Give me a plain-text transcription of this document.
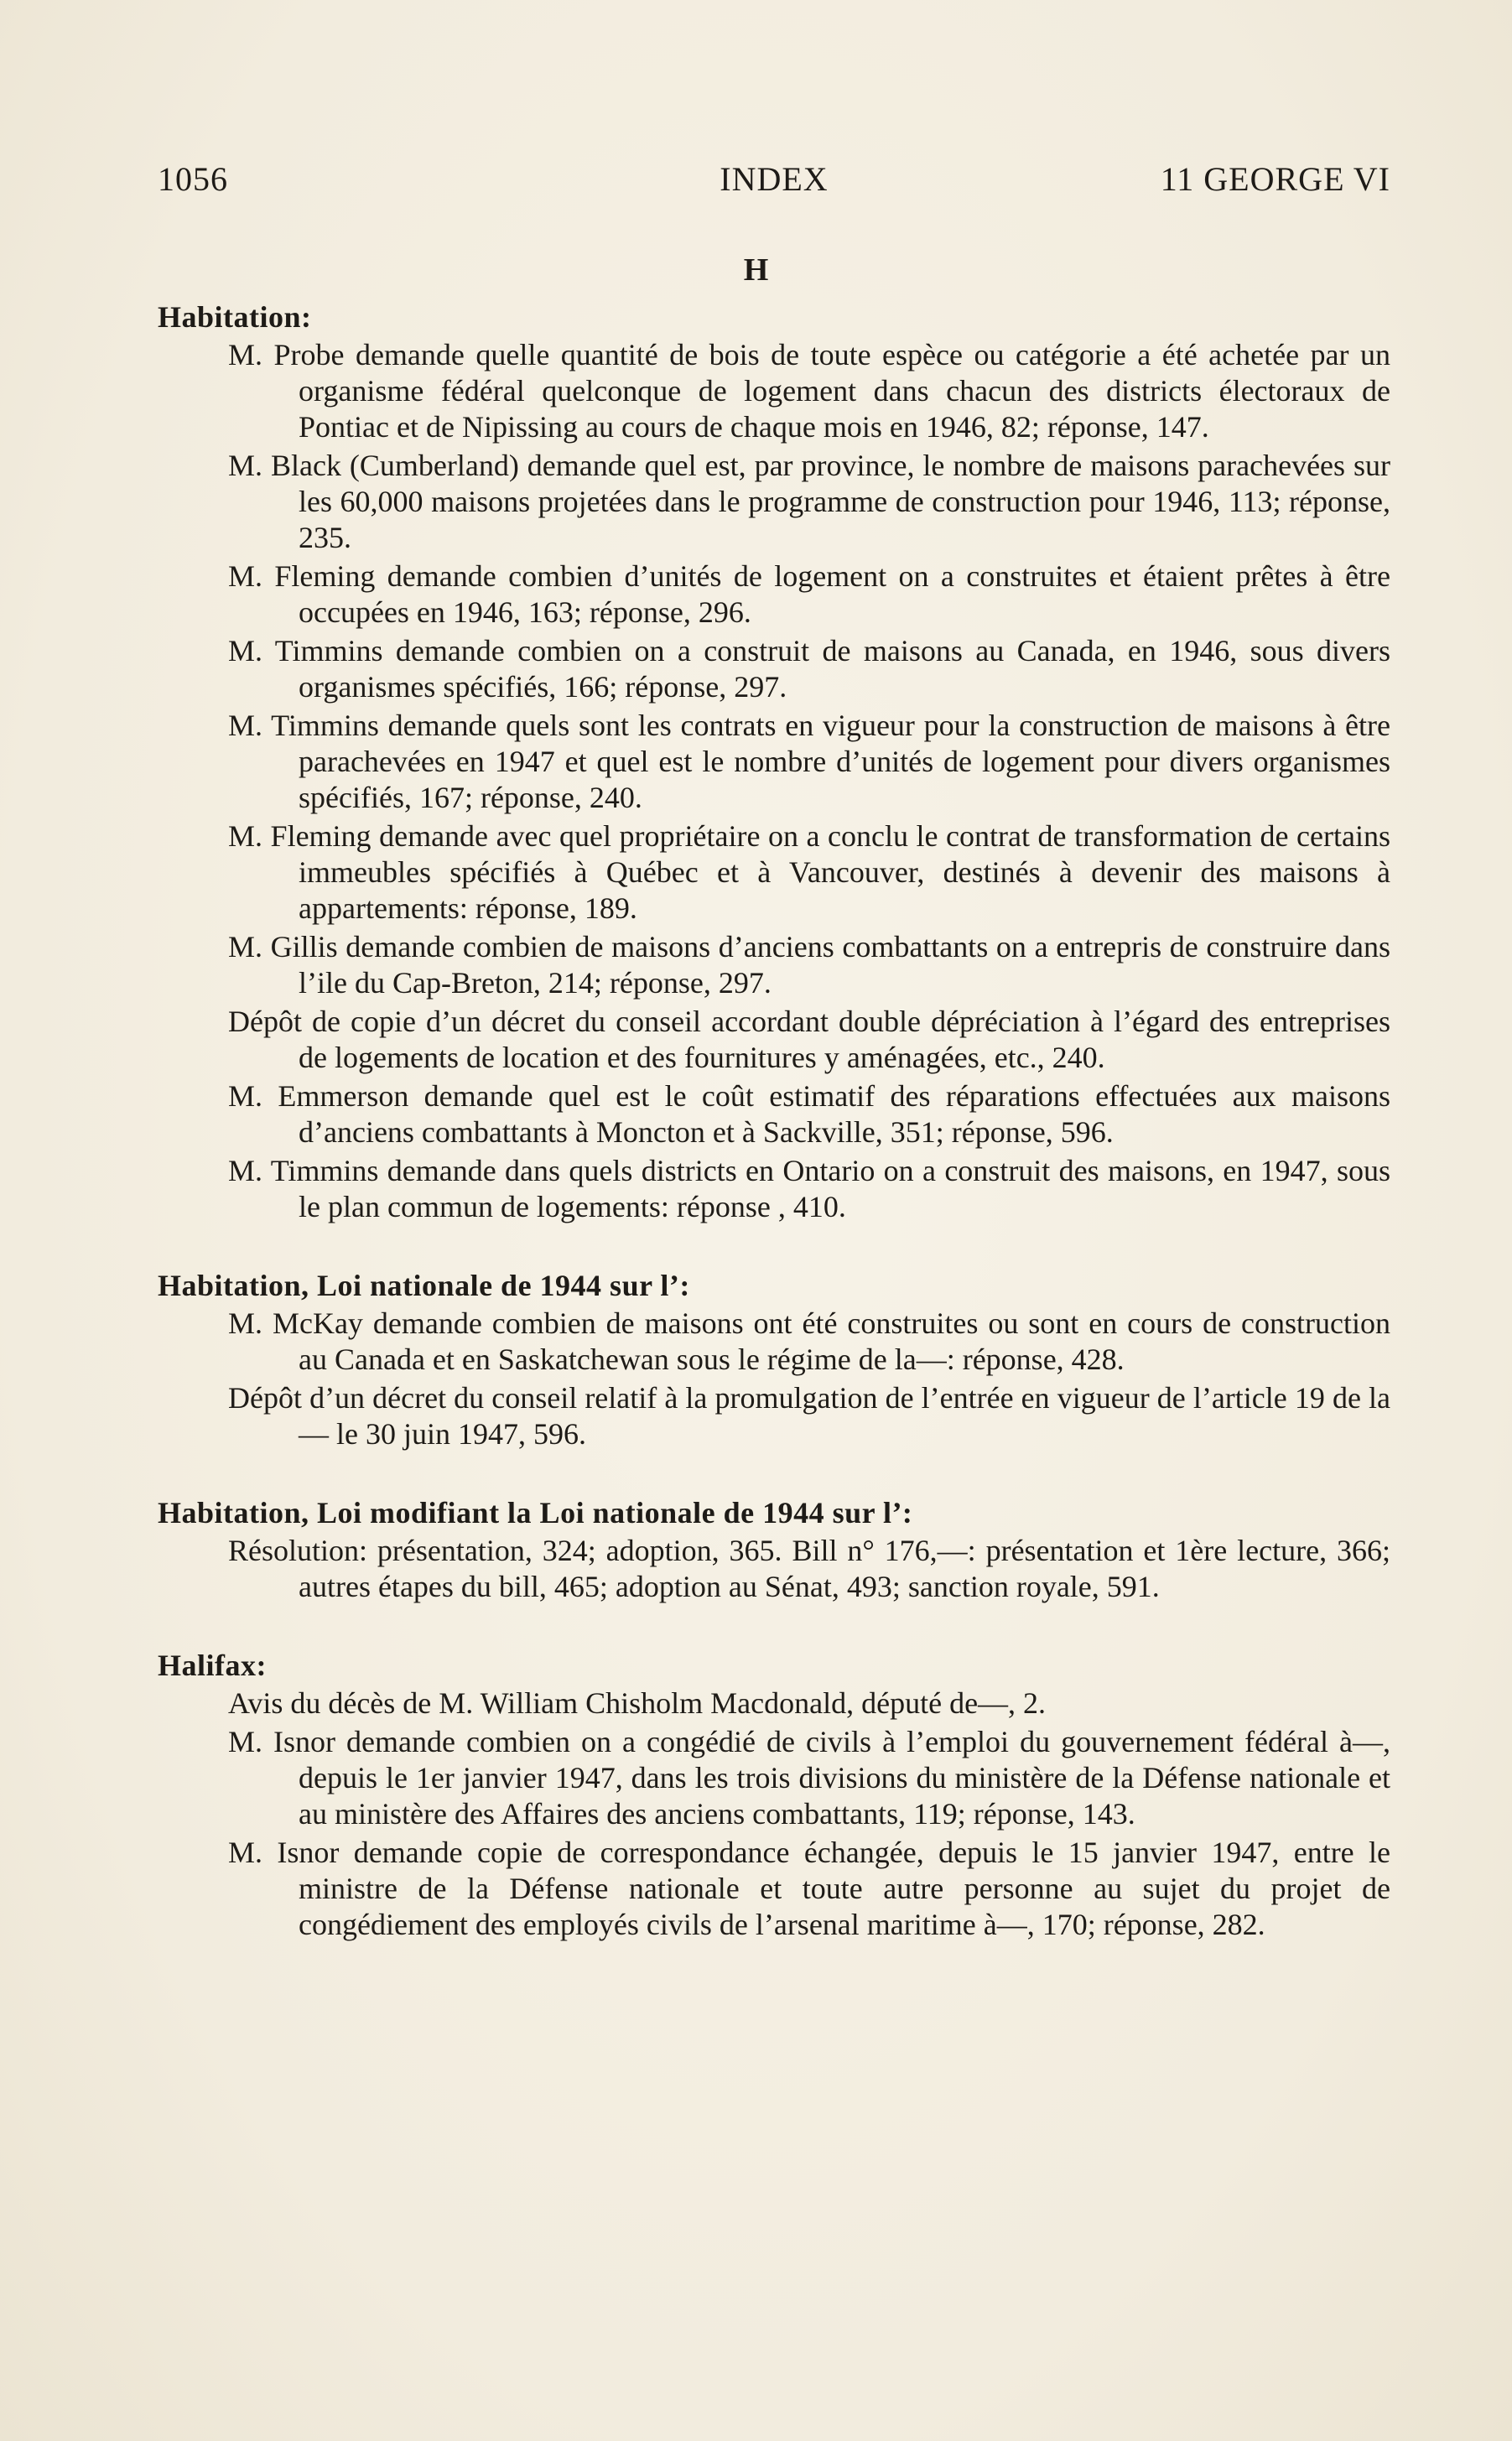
1056	INDEX	11 GEORGE VI
H
Habitation:
M. Probe demande quelle quantité de bois de toute espèce ou catégorie a été achetée par un organisme fédéral quelconque de logement dans chacun des districts électoraux de Pontiac et de Nipissing au cours de chaque mois en 1946, 82; réponse, 147.
M. Black (Cumberland) demande quel est, par province, le nombre de maisons parachevées sur les 60,000 maisons projetées dans le programme de construction pour 1946, 113; réponse, 235.
M. Fleming demande combien d’unités de logement on a construites et étaient prêtes à être occupées en 1946, 163; réponse, 296.
M. Timmins demande combien on a construit de maisons au Canada, en 1946, sous divers organismes spécifiés, 166; réponse, 297.
M. Timmins demande quels sont les contrats en vigueur pour la construction de maisons à être parachevées en 1947 et quel est le nombre d’unités de logement pour divers organismes spécifiés, 167; réponse, 240.
M. Fleming demande avec quel propriétaire on a conclu le contrat de transformation de certains immeubles spécifiés à Québec et à Vancouver, destinés à devenir des maisons à appartements: réponse, 189.
M. Gillis demande combien de maisons d’anciens combattants on a entrepris de construire dans l’ile du Cap-Breton, 214; réponse, 297.
Dépôt de copie d’un décret du conseil accordant double dépréciation à l’égard des entreprises de logements de location et des fournitures y aménagées, etc., 240.
M. Emmerson demande quel est le coût estimatif des réparations effectuées aux maisons d’anciens combattants à Moncton et à Sackville, 351; réponse, 596.
M. Timmins demande dans quels districts en Ontario on a construit des maisons, en 1947, sous le plan commun de logements: réponse , 410.
Habitation, Loi nationale de 1944 sur l’:
M. McKay demande combien de maisons ont été construites ou sont en cours de construction au Canada et en Saskatchewan sous le régime de la—: réponse, 428.
Dépôt d’un décret du conseil relatif à la promulgation de l’entrée en vigueur de l’article 19 de la— le 30 juin 1947, 596.
Habitation, Loi modifiant la Loi nationale de 1944 sur l’:
Résolution: présentation, 324; adoption, 365. Bill n° 176,—: présentation et 1ère lecture, 366; autres étapes du bill, 465; adoption au Sénat, 493; sanction royale, 591.
Halifax:
Avis du décès de M. William Chisholm Macdonald, député de—, 2.
M. Isnor demande combien on a congédié de civils à l’emploi du gouvernement fédéral à—, depuis le 1er janvier 1947, dans les trois divisions du ministère de la Défense nationale et au ministère des Affaires des anciens combattants, 119; réponse, 143.
M. Isnor demande copie de correspondance échangée, depuis le 15 janvier 1947, entre le ministre de la Défense nationale et toute autre personne au sujet du projet de congédiement des employés civils de l’arsenal maritime à—, 170; réponse, 282.
